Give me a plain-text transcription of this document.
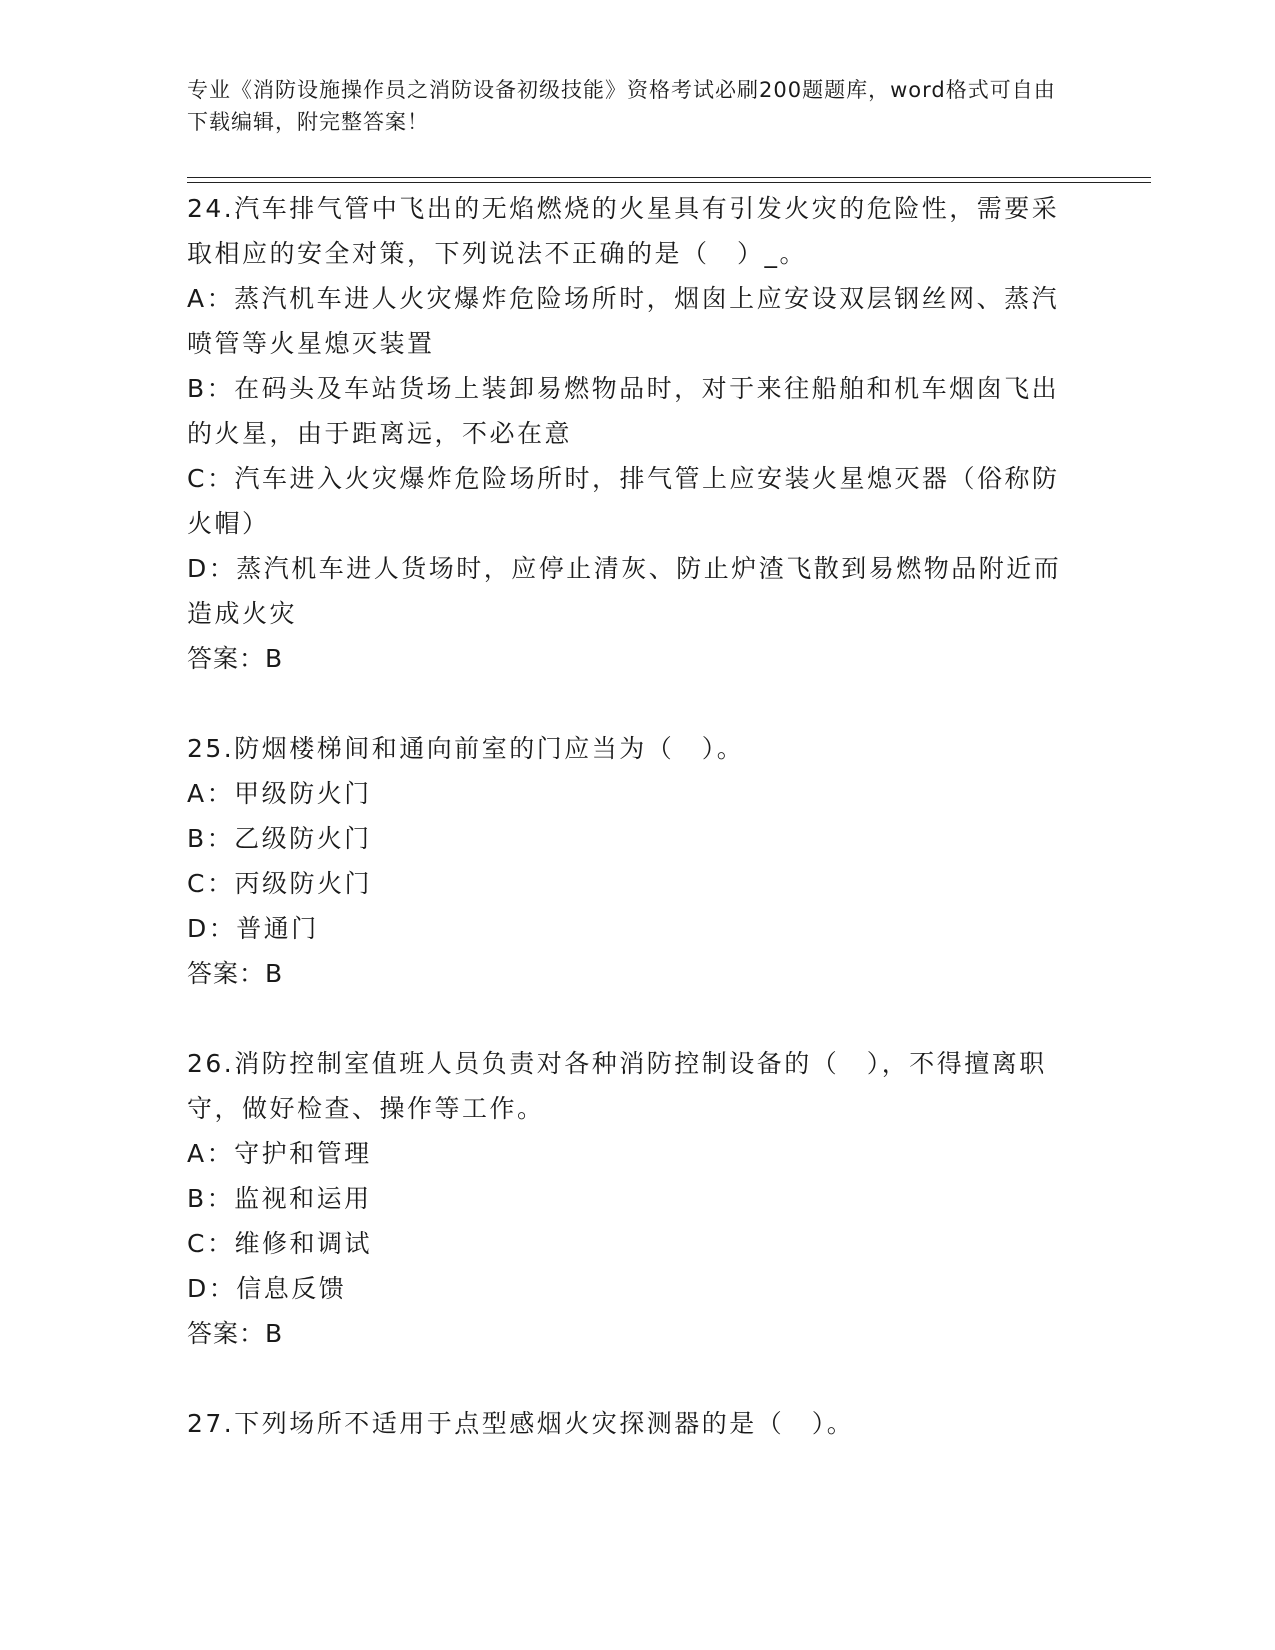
专业《消防设施操作员之消防设备初级技能》资格考试必刷200题题库，word格式可自由下载编辑，附完整答案！

24.汽车排气管中飞出的无焰燃烧的火星具有引发火灾的危险性，需要采取相应的安全对策，下列说法不正确的是（　）_。

A：蒸汽机车进人火灾爆炸危险场所时，烟囱上应安设双层钢丝网、蒸汽喷管等火星熄灭装置

B：在码头及车站货场上装卸易燃物品时，对于来往船舶和机车烟囱飞出的火星，由于距离远，不必在意

C：汽车进入火灾爆炸危险场所时，排气管上应安装火星熄灭器（俗称防火帽）

D：蒸汽机车进人货场时，应停止清灰、防止炉渣飞散到易燃物品附近而造成火灾

答案：B

25.防烟楼梯间和通向前室的门应当为（　）。

A：甲级防火门

B：乙级防火门

C：丙级防火门

D：普通门

答案：B

26.消防控制室值班人员负责对各种消防控制设备的（　），不得擅离职守，做好检查、操作等工作。

A：守护和管理

B：监视和运用

C：维修和调试

D：信息反馈

答案：B

27.下列场所不适用于点型感烟火灾探测器的是（　）。
